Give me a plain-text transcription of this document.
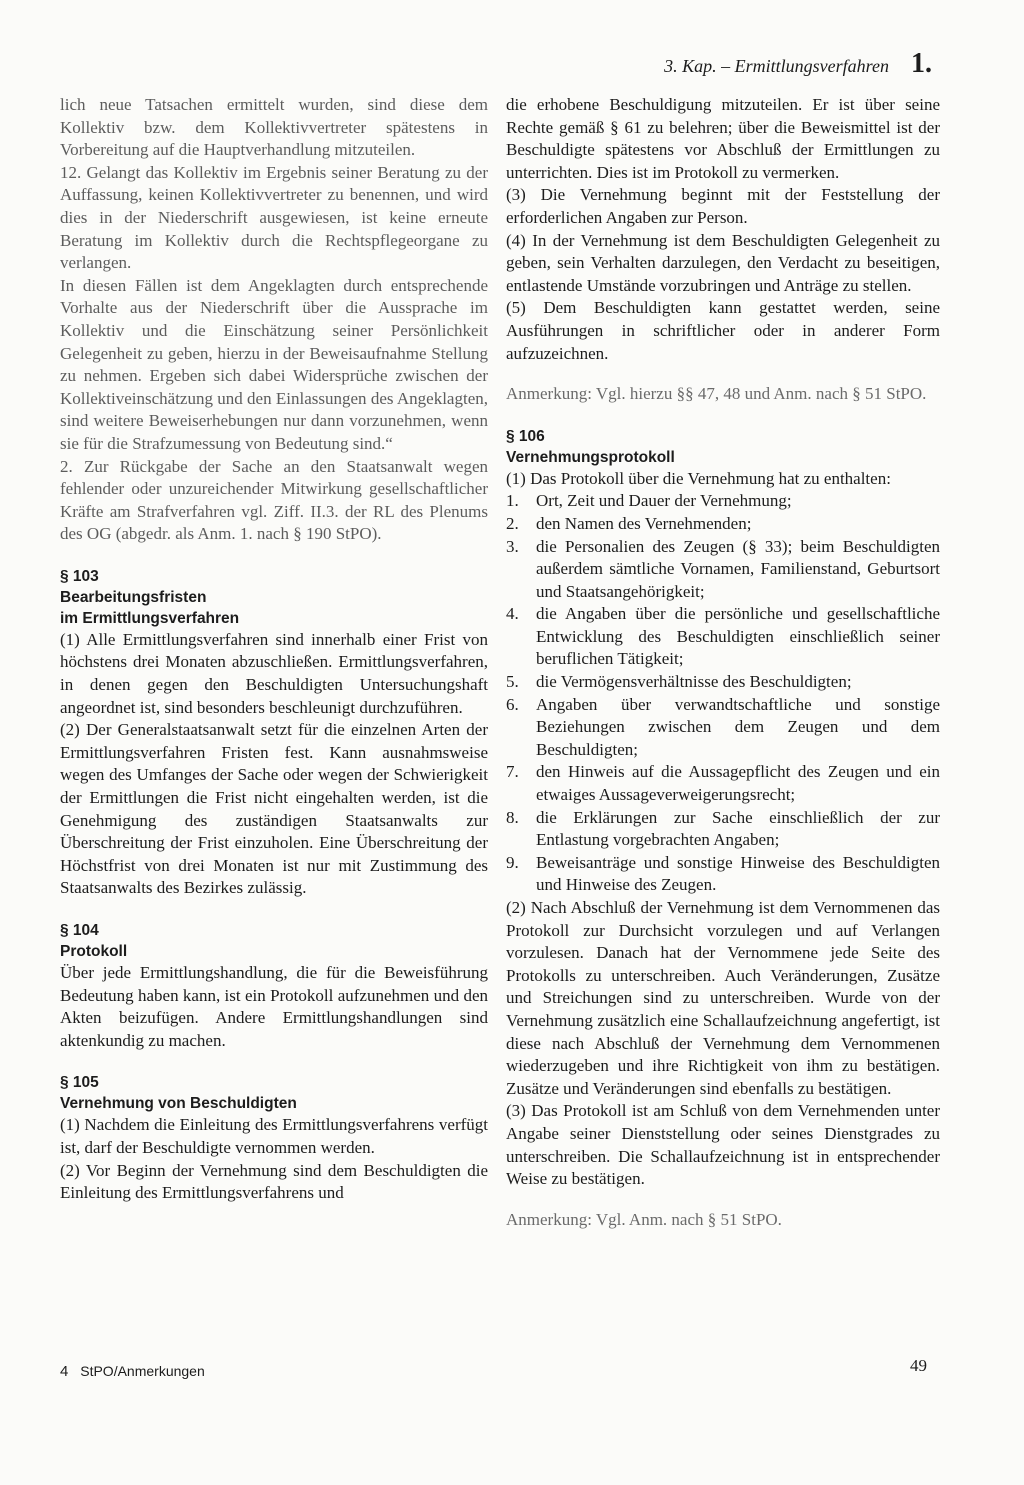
3. Kap. – Ermittlungsverfahren 1.

lich neue Tatsachen ermittelt wurden, sind diese dem Kollektiv bzw. dem Kollektivvertreter spätestens in Vorbereitung auf die Hauptverhandlung mitzuteilen.

12. Gelangt das Kollektiv im Ergebnis seiner Beratung zu der Auffassung, keinen Kollektivvertreter zu benennen, und wird dies in der Niederschrift ausgewiesen, ist keine erneute Beratung im Kollektiv durch die Rechtspflegeorgane zu verlangen.

In diesen Fällen ist dem Angeklagten durch entsprechende Vorhalte aus der Niederschrift über die Aussprache im Kollektiv und die Einschätzung seiner Persönlichkeit Gelegenheit zu geben, hierzu in der Beweisaufnahme Stellung zu nehmen. Ergeben sich dabei Widersprüche zwischen der Kollektiveinschätzung und den Einlassungen des Angeklagten, sind weitere Beweiserhebungen nur dann vorzunehmen, wenn sie für die Strafzumessung von Bedeutung sind.“

2. Zur Rückgabe der Sache an den Staatsanwalt wegen fehlender oder unzureichender Mitwirkung gesellschaftlicher Kräfte am Strafverfahren vgl. Ziff. II.3. der RL des Plenums des OG (abgedr. als Anm. 1. nach § 190 StPO).

§ 103
Bearbeitungsfristen
im Ermittlungsverfahren

(1) Alle Ermittlungsverfahren sind innerhalb einer Frist von höchstens drei Monaten abzuschließen. Ermittlungsverfahren, in denen gegen den Beschuldigten Untersuchungshaft angeordnet ist, sind besonders beschleunigt durchzuführen.

(2) Der Generalstaatsanwalt setzt für die einzelnen Arten der Ermittlungsverfahren Fristen fest. Kann ausnahmsweise wegen des Umfanges der Sache oder wegen der Schwierigkeit der Ermittlungen die Frist nicht eingehalten werden, ist die Genehmigung des zuständigen Staatsanwalts zur Überschreitung der Frist einzuholen. Eine Überschreitung der Höchstfrist von drei Monaten ist nur mit Zustimmung des Staatsanwalts des Bezirkes zulässig.

§ 104
Protokoll

Über jede Ermittlungshandlung, die für die Beweisführung Bedeutung haben kann, ist ein Protokoll aufzunehmen und den Akten beizufügen. Andere Ermittlungshandlungen sind aktenkundig zu machen.

§ 105
Vernehmung von Beschuldigten

(1) Nachdem die Einleitung des Ermittlungsverfahrens verfügt ist, darf der Beschuldigte vernommen werden.

(2) Vor Beginn der Vernehmung sind dem Beschuldigten die Einleitung des Ermittlungsverfahrens und

die erhobene Beschuldigung mitzuteilen. Er ist über seine Rechte gemäß § 61 zu belehren; über die Beweismittel ist der Beschuldigte spätestens vor Abschluß der Ermittlungen zu unterrichten. Dies ist im Protokoll zu vermerken.

(3) Die Vernehmung beginnt mit der Feststellung der erforderlichen Angaben zur Person.

(4) In der Vernehmung ist dem Beschuldigten Gelegenheit zu geben, sein Verhalten darzulegen, den Verdacht zu beseitigen, entlastende Umstände vorzubringen und Anträge zu stellen.

(5) Dem Beschuldigten kann gestattet werden, seine Ausführungen in schriftlicher oder in anderer Form aufzuzeichnen.

Anmerkung: Vgl. hierzu §§ 47, 48 und Anm. nach § 51 StPO.

§ 106
Vernehmungsprotokoll

(1) Das Protokoll über die Vernehmung hat zu enthalten:

1.	Ort, Zeit und Dauer der Vernehmung;
2.	den Namen des Vernehmenden;
3.	die Personalien des Zeugen (§ 33); beim Beschuldigten außerdem sämtliche Vornamen, Familienstand, Geburtsort und Staatsangehörigkeit;
4.	die Angaben über die persönliche und gesellschaftliche Entwicklung des Beschuldigten einschließlich seiner beruflichen Tätigkeit;
5.	die Vermögensverhältnisse des Beschuldigten;
6.	Angaben über verwandtschaftliche und sonstige Beziehungen zwischen dem Zeugen und dem Beschuldigten;
7.	den Hinweis auf die Aussagepflicht des Zeugen und ein etwaiges Aussageverweigerungsrecht;
8.	die Erklärungen zur Sache einschließlich der zur Entlastung vorgebrachten Angaben;
9.	Beweisanträge und sonstige Hinweise des Beschuldigten und Hinweise des Zeugen.

(2) Nach Abschluß der Vernehmung ist dem Vernommenen das Protokoll zur Durchsicht vorzulegen und auf Verlangen vorzulesen. Danach hat der Vernommene jede Seite des Protokolls zu unterschreiben. Auch Veränderungen, Zusätze und Streichungen sind zu unterschreiben. Wurde von der Vernehmung zusätzlich eine Schallaufzeichnung angefertigt, ist diese nach Abschluß der Vernehmung dem Vernommenen wiederzugeben und ihre Richtigkeit von ihm zu bestätigen. Zusätze und Veränderungen sind ebenfalls zu bestätigen.

(3) Das Protokoll ist am Schluß von dem Vernehmenden unter Angabe seiner Dienststellung oder seines Dienstgrades zu unterschreiben. Die Schallaufzeichnung ist in entsprechender Weise zu bestätigen.

Anmerkung: Vgl. Anm. nach § 51 StPO.

4 StPO/Anmerkungen	49
